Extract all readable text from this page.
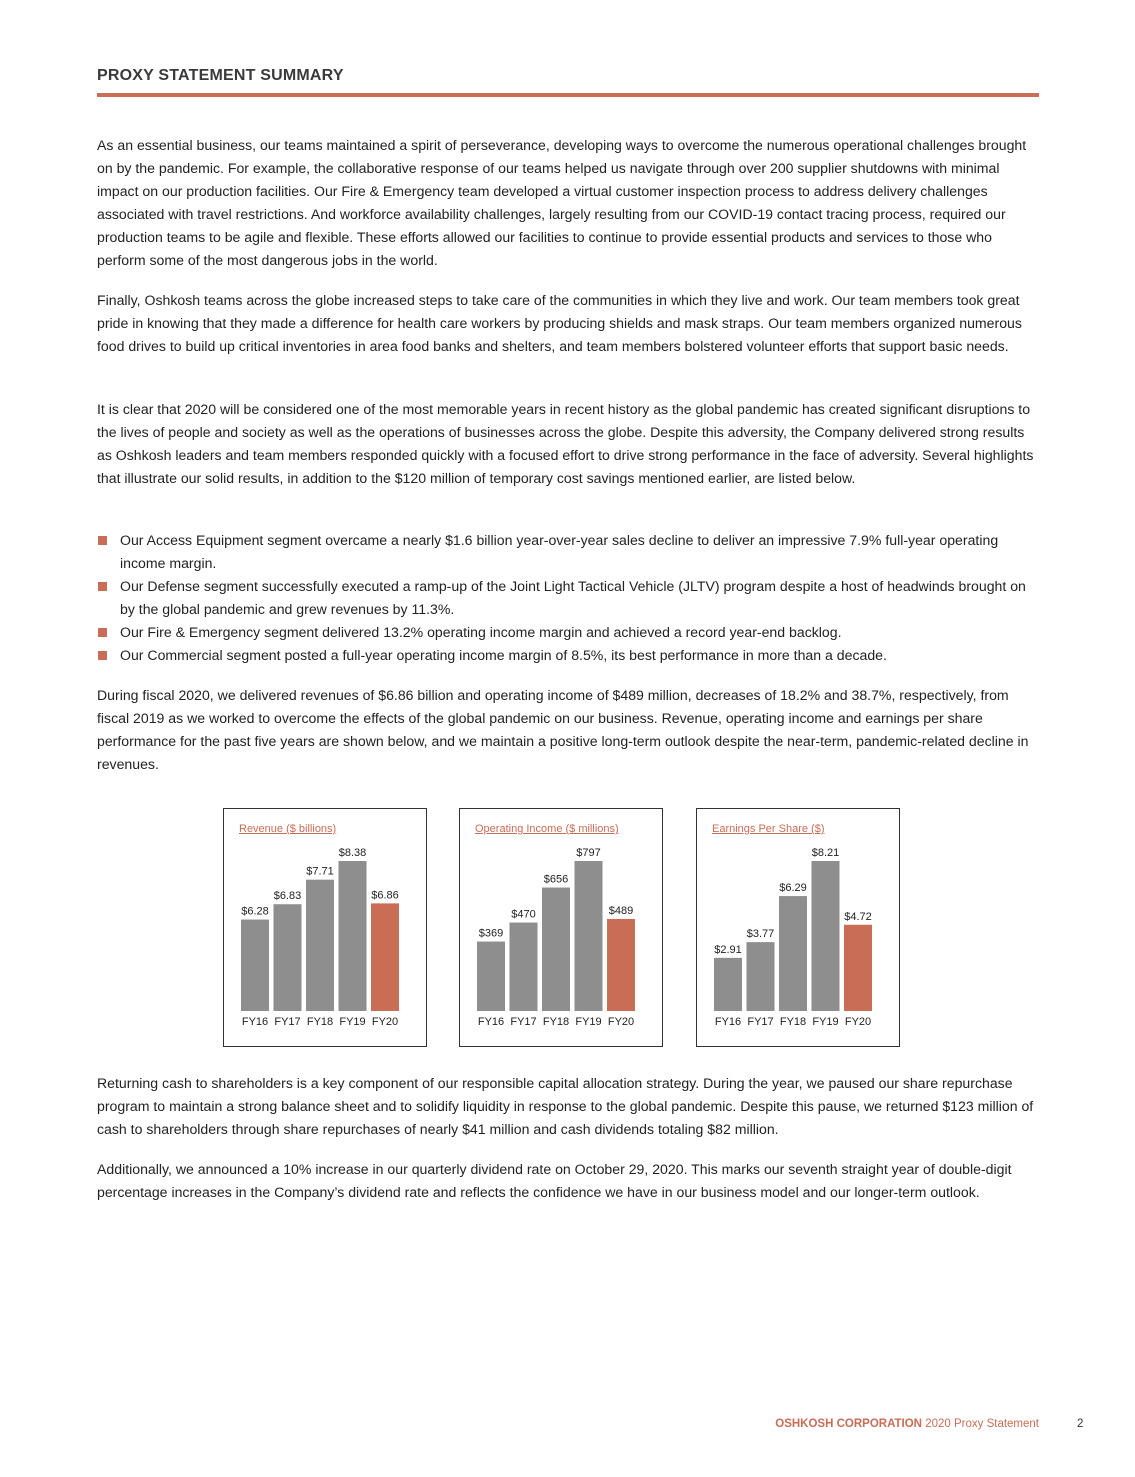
PROXY STATEMENT SUMMARY

As an essential business, our teams maintained a spirit of perseverance, developing ways to overcome the numerous operational challenges brought on by the pandemic. For example, the collaborative response of our teams helped us navigate through over 200 supplier shutdowns with minimal impact on our production facilities. Our Fire & Emergency team developed a virtual customer inspection process to address delivery challenges associated with travel restrictions. And workforce availability challenges, largely resulting from our COVID-19 contact tracing process, required our production teams to be agile and flexible. These efforts allowed our facilities to continue to provide essential products and services to those who perform some of the most dangerous jobs in the world.

Finally, Oshkosh teams across the globe increased steps to take care of the communities in which they live and work. Our team members took great pride in knowing that they made a difference for health care workers by producing shields and mask straps. Our team members organized numerous food drives to build up critical inventories in area food banks and shelters, and team members bolstered volunteer efforts that support basic needs.

It is clear that 2020 will be considered one of the most memorable years in recent history as the global pandemic has created significant disruptions to the lives of people and society as well as the operations of businesses across the globe. Despite this adversity, the Company delivered strong results as Oshkosh leaders and team members responded quickly with a focused effort to drive strong performance in the face of adversity. Several highlights that illustrate our solid results, in addition to the $120 million of temporary cost savings mentioned earlier, are listed below.

Our Access Equipment segment overcame a nearly $1.6 billion year-over-year sales decline to deliver an impressive 7.9% full-year operating income margin.
Our Defense segment successfully executed a ramp-up of the Joint Light Tactical Vehicle (JLTV) program despite a host of headwinds brought on by the global pandemic and grew revenues by 11.3%.
Our Fire & Emergency segment delivered 13.2% operating income margin and achieved a record year-end backlog.
Our Commercial segment posted a full-year operating income margin of 8.5%, its best performance in more than a decade.

During fiscal 2020, we delivered revenues of $6.86 billion and operating income of $489 million, decreases of 18.2% and 38.7%, respectively, from fiscal 2019 as we worked to overcome the effects of the global pandemic on our business. Revenue, operating income and earnings per share performance for the past five years are shown below, and we maintain a positive long-term outlook despite the near-term, pandemic-related decline in revenues.

Revenue ($ billions)
$6.28
FY16
$6.83
FY17
$7.71
FY18
$8.38
FY19
$6.86
FY20
Operating Income ($ millions)
$369
FY16
$470
FY17
$656
FY18
$797
FY19
$489
FY20
Earnings Per Share ($)
$2.91
FY16
$3.77
FY17
$6.29
FY18
$8.21
FY19
$4.72
FY20

Returning cash to shareholders is a key component of our responsible capital allocation strategy. During the year, we paused our share repurchase program to maintain a strong balance sheet and to solidify liquidity in response to the global pandemic. Despite this pause, we returned $123 million of cash to shareholders through share repurchases of nearly $41 million and cash dividends totaling $82 million.

Additionally, we announced a 10% increase in our quarterly dividend rate on October 29, 2020. This marks our seventh straight year of double-digit percentage increases in the Company’s dividend rate and reflects the confidence we have in our business model and our longer-term outlook.

OSHKOSH CORPORATION 2020 Proxy Statement	2
